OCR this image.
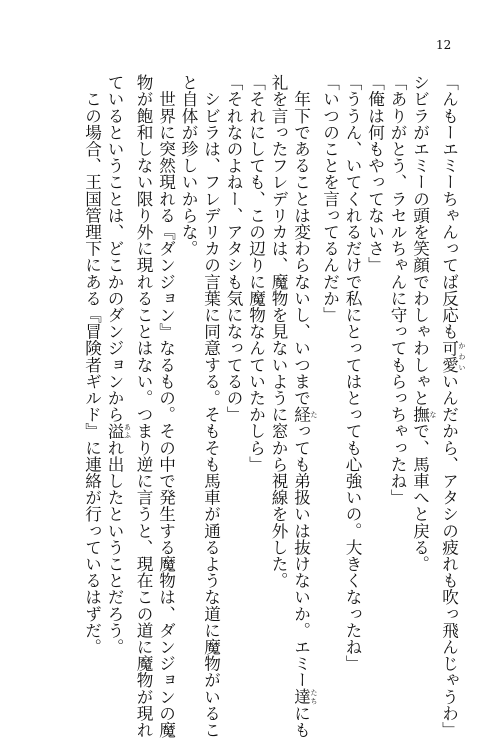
12
「んもーエミーちゃんってば反応も可愛 かわいいんだから、アタシの疲れも吹っ飛んじゃうわ」
シビラがエミーの頭を笑顔でわしゃわしゃと撫 なで、馬車へと戻る。
「ありがとう、ラセルちゃんに守ってもらっちゃったね」
「俺は何もやってないさ」
「ううん、いてくれるだけで私にとってはとっても心強いの。大きくなったね」
「いつのことを言ってるんだか」
　年下であることは変わらないし、いつまで経 たっても弟扱いは抜けないか。エミー達 たちにも
礼を言ったフレデリカは、魔物を見ないように窓から視線を外した。
「それにしても、この辺りに魔物なんていたかしら」
「それなのよねー、アタシも気になってるの」
　シビラは、フレデリカの言葉に同意する。そもそも馬車が通るような道に魔物がいるこ
と自体が珍しいからな。
　世界に突然現れる『ダンジョン』なるもの。その中で発生する魔物は、ダンジョンの魔
物が飽和しない限り外に現れることはない。つまり逆に言うと、現在この道に魔物が現れ
ているということは、どこかのダンジョンから溢 あふれ出したということだろう。
　この場合、王国管理下にある『冒険者ギルド』に連絡が行っているはずだ。
